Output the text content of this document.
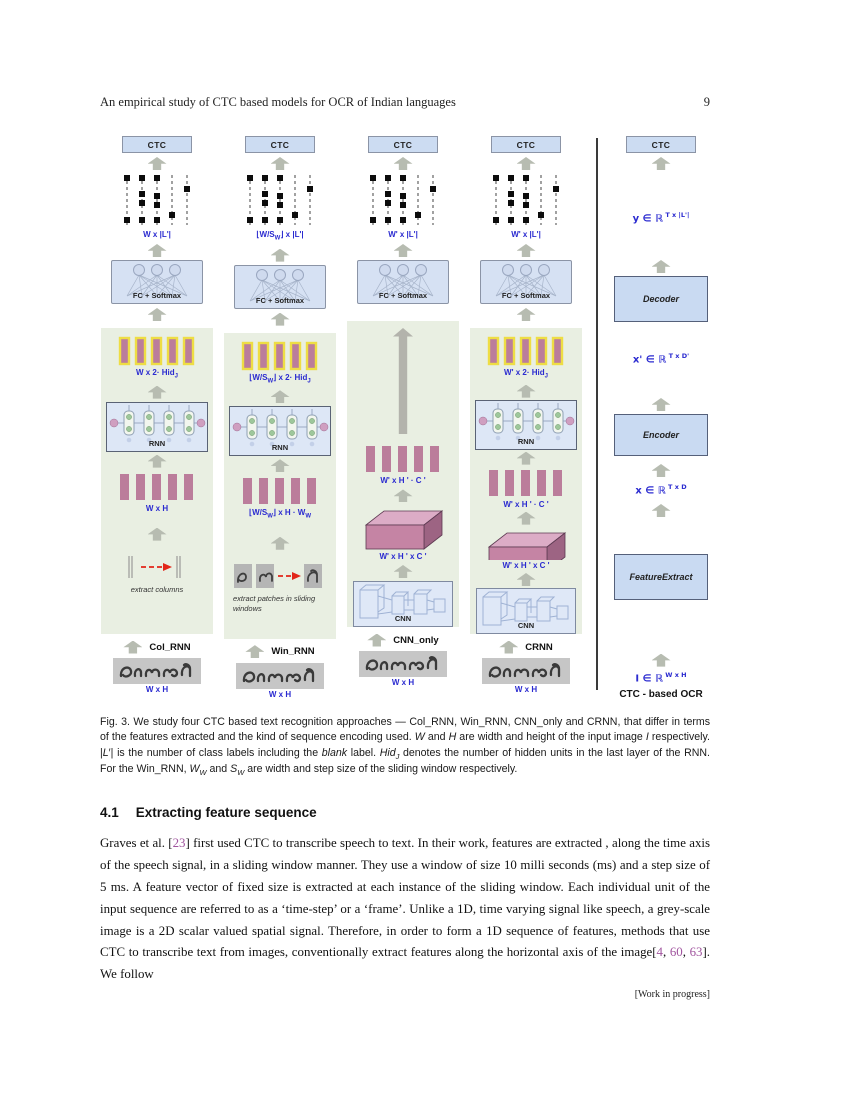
An empirical study of CTC based models for OCR of Indian languages	9
CTC
W x |L'|
FC + Softmax
W x 2· Hid$_J$
RNN
W x H
extract columns
Col_RNN
W x H
CTC
$⌊W/S_W⌋$ x |L'|
FC + Softmax
$⌊W/S_W⌋$ x 2· Hid$_J$
RNN
$⌊W/S_W⌋$ x $H \cdot W_W$
extract patches in sliding windows
Win_RNN
W x H
CTC
W' x |L'|
FC + Softmax
W' x H ' · C '
W' x H ' x C '
CNN
CNN_only
W x H
CTC
W' x |L'|
FC + Softmax
W' x 2· Hid$_J$
RNN
W' x H ' · C '
W' x H ' x C '
CNN
CRNN
W x H
CTC
y ∈ ℝ $^{T x |L'|}$
Decoder
x' ∈ ℝ $^{T x D'}$
Encoder
x ∈ ℝ $^{T x D}$
FeatureExtract
I ∈ ℝ $^{W x H}$
CTC - based OCR

Fig. 3. We study four CTC based text recognition approaches — Col_RNN, Win_RNN, CNN_only and CRNN, that differ in terms of the features extracted and the kind of sequence encoding used. W and H are width and height of the input image I respectively. |L′| is the number of class labels including the blank label. Hid$_J$ denotes the number of hidden units in the last layer of the RNN. For the Win_RNN, $W_W$ and $S_W$ are width and step size of the sliding window respectively.

4.1 Extracting feature sequence

Graves et al. [23] first used CTC to transcribe speech to text. In their work, features are extracted , along the time axis of the speech signal, in a sliding window manner. They use a window of size 10 milli seconds (ms) and a step size of 5 ms. A feature vector of fixed size is extracted at each instance of the sliding window. Each individual unit of the input sequence are referred to as a ‘time-step’ or a ‘frame’. Unlike a 1D, time varying signal like speech, a grey-scale image is a 2D scalar valued spatial signal. Therefore, in order to form a 1D sequence of features, methods that use CTC to transcribe text from images, conventionally extract features along the horizontal axis of the image[4, 60, 63]. We follow

[Work in progress]
